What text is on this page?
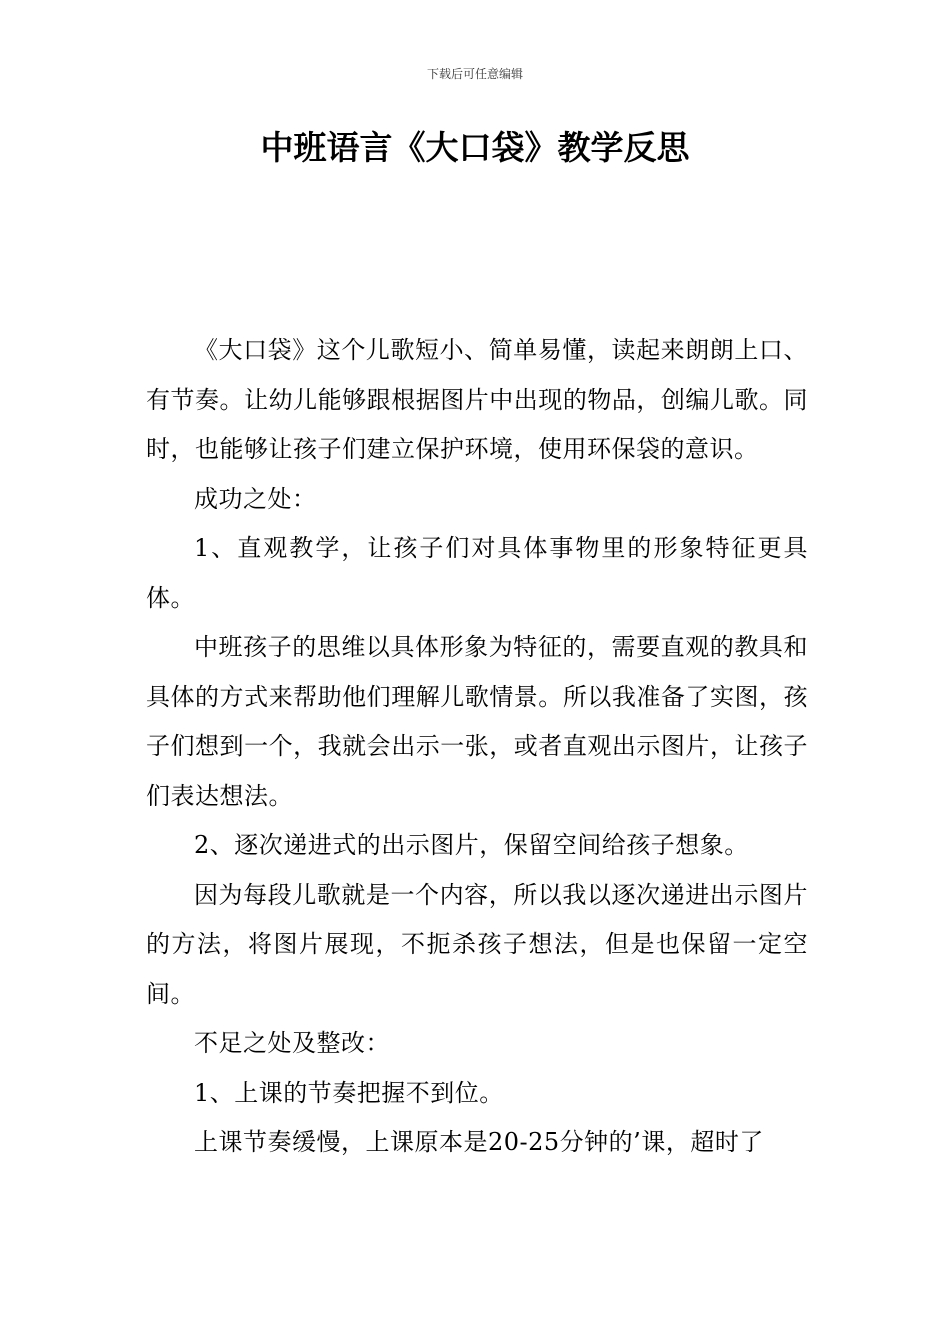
下载后可任意编辑
中班语言《大口袋》教学反思

《大口袋》这个儿歌短小、简单易懂，读起来朗朗上口、有节奏。让幼儿能够跟根据图片中出现的物品，创编儿歌。同时，也能够让孩子们建立保护环境，使用环保袋的意识。

成功之处：

1、直观教学，让孩子们对具体事物里的形象特征更具体。

中班孩子的思维以具体形象为特征的，需要直观的教具和具体的方式来帮助他们理解儿歌情景。所以我准备了实图，孩子们想到一个，我就会出示一张，或者直观出示图片，让孩子们表达想法。

2、逐次递进式的出示图片，保留空间给孩子想象。

因为每段儿歌就是一个内容，所以我以逐次递进出示图片的方法，将图片展现，不扼杀孩子想法，但是也保留一定空间。

不足之处及整改：

1、上课的节奏把握不到位。

上课节奏缓慢，上课原本是20-25分钟的’课，超时了
